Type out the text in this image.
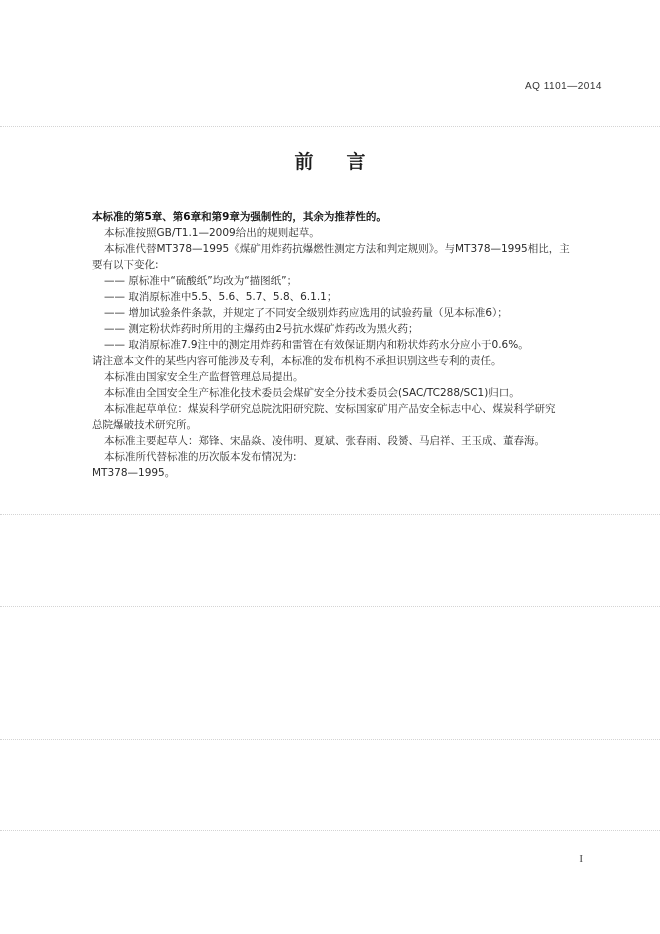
AQ 1101—2014
前言
本标准的第5章、第6章和第9章为强制性的，其余为推荐性的。
本标准按照GB/T1.1—2009给出的规则起草。
本标准代替MT378—1995《煤矿用炸药抗爆燃性测定方法和判定规则》。与MT378—1995相比，主
要有以下变化:
—— 原标准中“硫酸纸”均改为“描图纸”；
—— 取消原标准中5.5、5.6、5.7、5.8、6.1.1；
—— 增加试验条件条款，并规定了不同安全级别炸药应选用的试验药量（见本标准6）；
—— 测定粉状炸药时所用的主爆药由2号抗水煤矿炸药改为黑火药；
—— 取消原标准7.9注中的测定用炸药和雷管在有效保证期内和粉状炸药水分应小于0.6%。
请注意本文件的某些内容可能涉及专利，本标准的发布机构不承担识别这些专利的责任。
本标准由国家安全生产监督管理总局提出。
本标准由全国安全生产标准化技术委员会煤矿安全分技术委员会(SAC/TC288/SC1)归口。
本标准起草单位：煤炭科学研究总院沈阳研究院、安标国家矿用产品安全标志中心、煤炭科学研究
总院爆破技术研究所。
本标准主要起草人：郑锋、宋晶焱、凌伟明、夏斌、张春雨、段赟、马启祥、王玉成、董春海。
本标准所代替标准的历次版本发布情况为:
MT378—1995。
I
